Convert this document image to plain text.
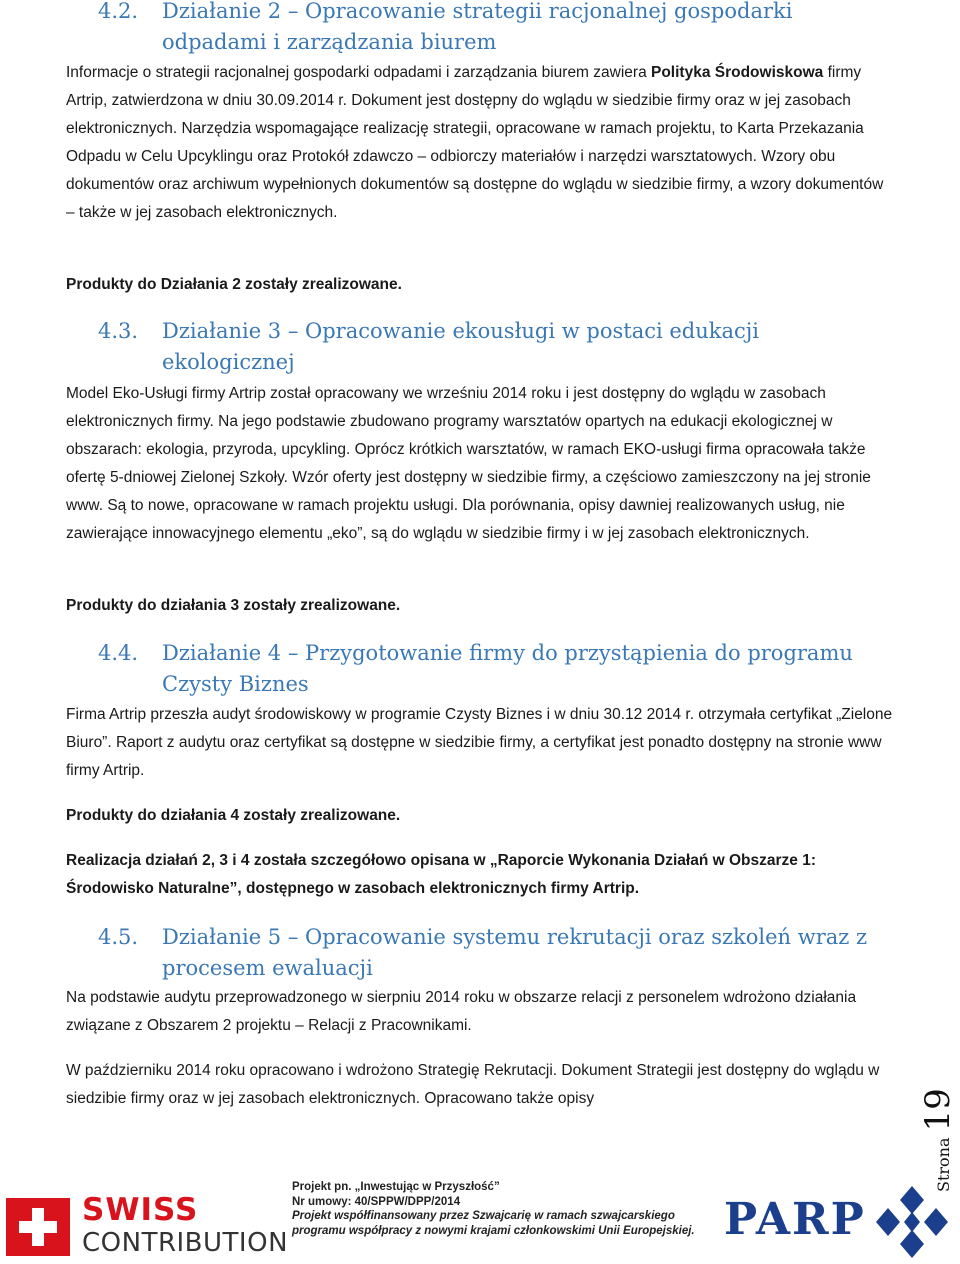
4.2.	Działanie 2 – Opracowanie strategii racjonalnej gospodarki odpadami i zarządzania biurem
Informacje o strategii racjonalnej gospodarki odpadami i zarządzania biurem zawiera Polityka Środowiskowa firmy Artrip, zatwierdzona w dniu 30.09.2014 r. Dokument jest dostępny do wglądu w siedzibie firmy oraz w jej zasobach elektronicznych. Narzędzia wspomagające realizację strategii, opracowane w ramach projektu, to Karta Przekazania Odpadu w Celu Upcyklingu oraz Protokół zdawczo – odbiorczy materiałów i narzędzi warsztatowych. Wzory obu dokumentów oraz archiwum wypełnionych dokumentów są dostępne do wglądu w siedzibie firmy, a wzory dokumentów – także w jej zasobach elektronicznych.
Produkty do Działania 2 zostały zrealizowane.
4.3.	Działanie 3 – Opracowanie ekousługi w postaci edukacji ekologicznej
Model Eko-Usługi firmy Artrip został opracowany we wrześniu 2014 roku i jest dostępny do wglądu w zasobach elektronicznych firmy. Na jego podstawie zbudowano programy warsztatów opartych na edukacji ekologicznej w obszarach: ekologia, przyroda, upcykling. Oprócz krótkich warsztatów, w ramach EKO-usługi firma opracowała także ofertę 5-dniowej Zielonej Szkoły. Wzór oferty jest dostępny w siedzibie firmy, a częściowo zamieszczony na jej stronie www. Są to nowe, opracowane w ramach projektu usługi. Dla porównania, opisy dawniej realizowanych usług, nie zawierające innowacyjnego elementu „eko”, są do wglądu w siedzibie firmy i w jej zasobach elektronicznych.
Produkty do działania 3 zostały zrealizowane.
4.4.	Działanie 4 – Przygotowanie firmy do przystąpienia do programu Czysty Biznes
Firma Artrip przeszła audyt środowiskowy w programie Czysty Biznes i w dniu 30.12 2014 r. otrzymała certyfikat „Zielone Biuro”. Raport z audytu oraz certyfikat są dostępne w siedzibie firmy, a certyfikat jest ponadto dostępny na stronie www firmy Artrip.
Produkty do działania 4 zostały zrealizowane.
Realizacja działań 2, 3 i 4 została szczegółowo opisana w „Raporcie Wykonania Działań w Obszarze 1: Środowisko Naturalne”, dostępnego w zasobach elektronicznych firmy Artrip.
4.5.	Działanie 5 – Opracowanie systemu rekrutacji oraz szkoleń wraz z procesem ewaluacji
Na podstawie audytu przeprowadzonego w sierpniu 2014 roku w obszarze relacji z personelem wdrożono działania związane z Obszarem 2 projektu – Relacji z Pracownikami.
W październiku 2014 roku opracowano i wdrożono Strategię Rekrutacji. Dokument Strategii jest dostępny do wglądu w siedzibie firmy oraz w jej zasobach elektronicznych. Opracowano także opisy
Strona19
SWISS
CONTRIBUTION
Projekt pn. „Inwestując w Przyszłość”
Nr umowy: 40/SPPW/DPP/2014
Projekt współfinansowany przez Szwajcarię w ramach szwajcarskiego
programu współpracy z nowymi krajami członkowskimi Unii Europejskiej. PARP
